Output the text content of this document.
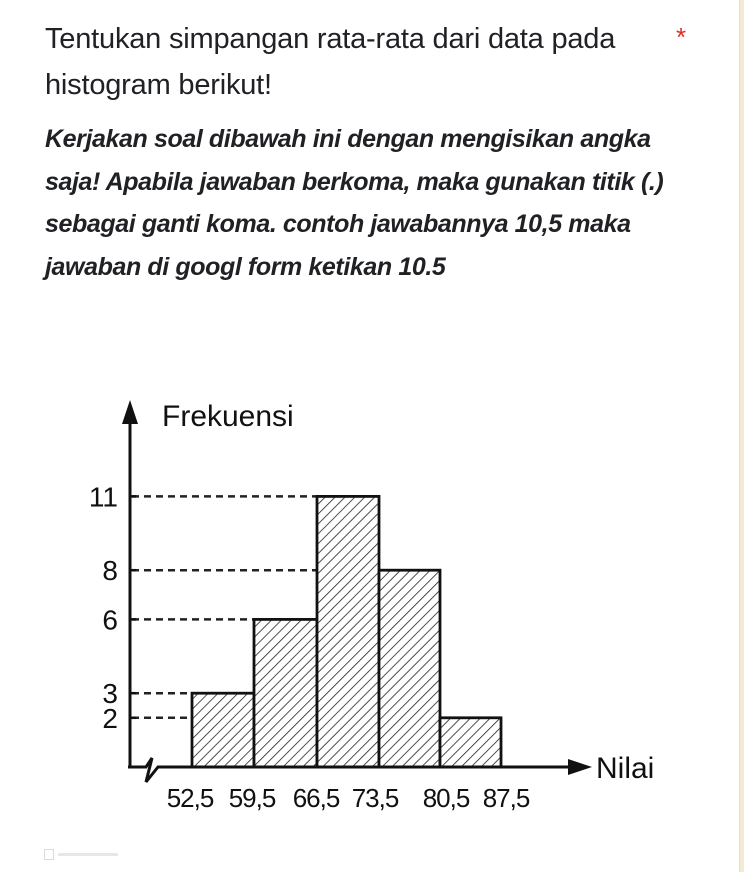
Tentukan simpangan rata-rata dari data pada histogram berikut!
*
Kerjakan soal dibawah ini dengan mengisikan angka saja! Apabila jawaban berkoma, maka gunakan titik (.) sebagai ganti koma. contoh jawabannya 10,5 maka jawaban di googl form ketikan 10.5
2
3
6
8
11
52,5 59,5 66,5 73,5 80,5 87,5
Frekuensi
Nilai
